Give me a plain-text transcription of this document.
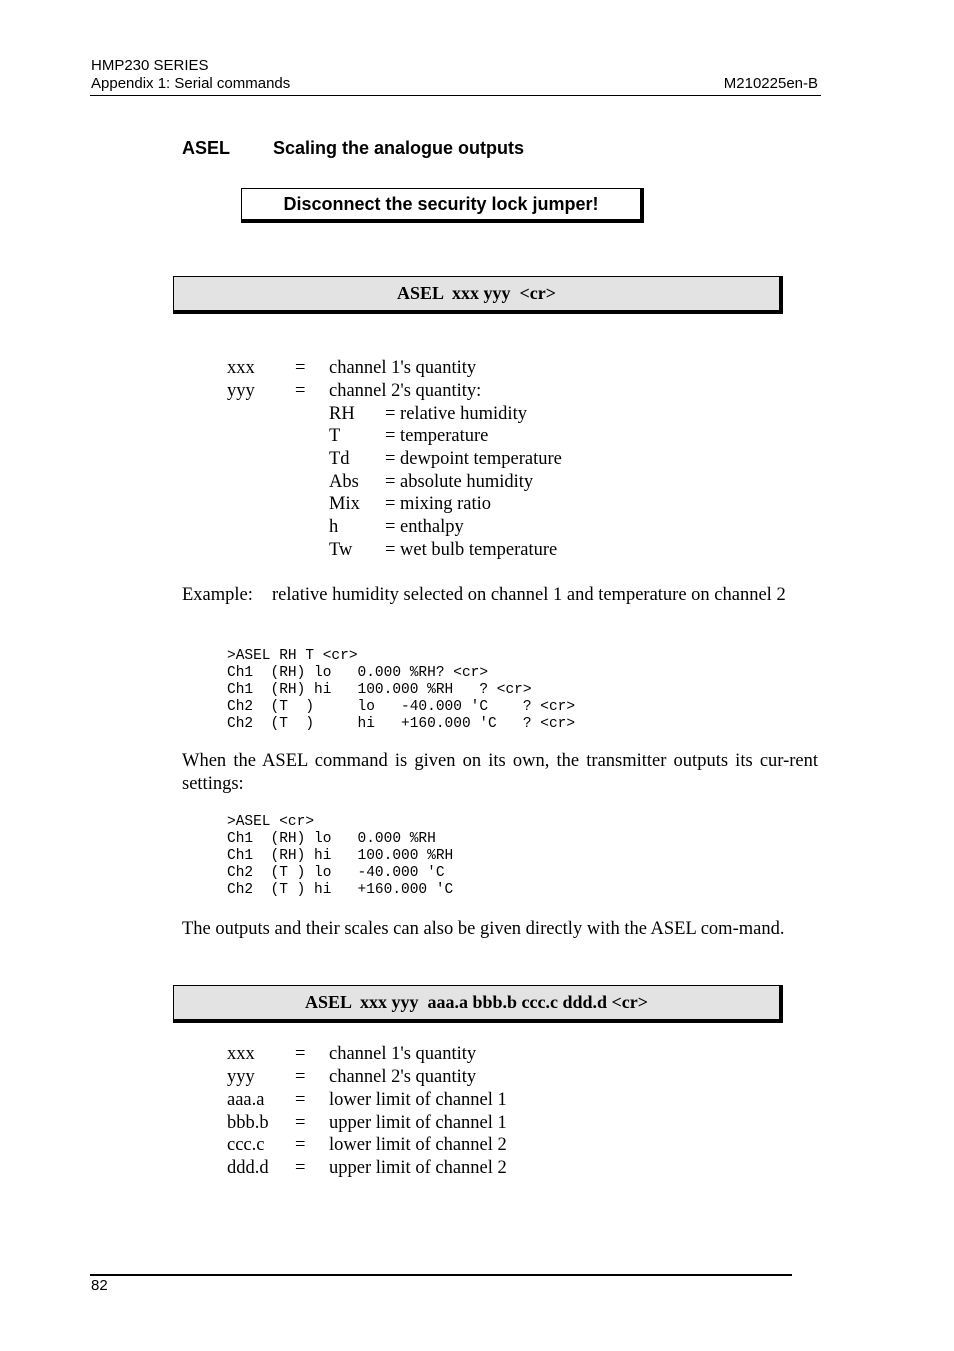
HMP230 SERIES
Appendix 1: Serial commands	M210225en-B
ASEL Scaling the analogue outputs
Disconnect the security lock jumper!
ASEL  xxx yyy  <cr>
xxx = channel 1's quantity
yyy = channel 2's quantity:
RH = relative humidity
T = temperature
Td = dewpoint temperature
Abs = absolute humidity
Mix = mixing ratio
h	= enthalpy
Tw = wet bulb temperature
Example: relative humidity selected on channel 1 and temperature on channel 2
>ASEL RH T <cr>
Ch1  (RH) lo   0.000 %RH? <cr>
Ch1  (RH) hi   100.000 %RH   ? <cr>
Ch2  (T  )     lo   -40.000 'C    ? <cr>
Ch2  (T  )     hi   +160.000 'C   ? <cr>
When the ASEL command is given on its own, the transmitter outputs its cur-rent settings:
>ASEL <cr>
Ch1  (RH) lo   0.000 %RH
Ch1  (RH) hi   100.000 %RH
Ch2  (T ) lo   -40.000 'C
Ch2  (T ) hi   +160.000 'C
The outputs and their scales can also be given directly with the ASEL com-mand.
ASEL  xxx yyy  aaa.a bbb.b ccc.c ddd.d <cr>
xxx = channel 1's quantity
yyy = channel 2's quantity
aaa.a = lower limit of channel 1
bbb.b = upper limit of channel 1
ccc.c = lower limit of channel 2
ddd.d = upper limit of channel 2
82
